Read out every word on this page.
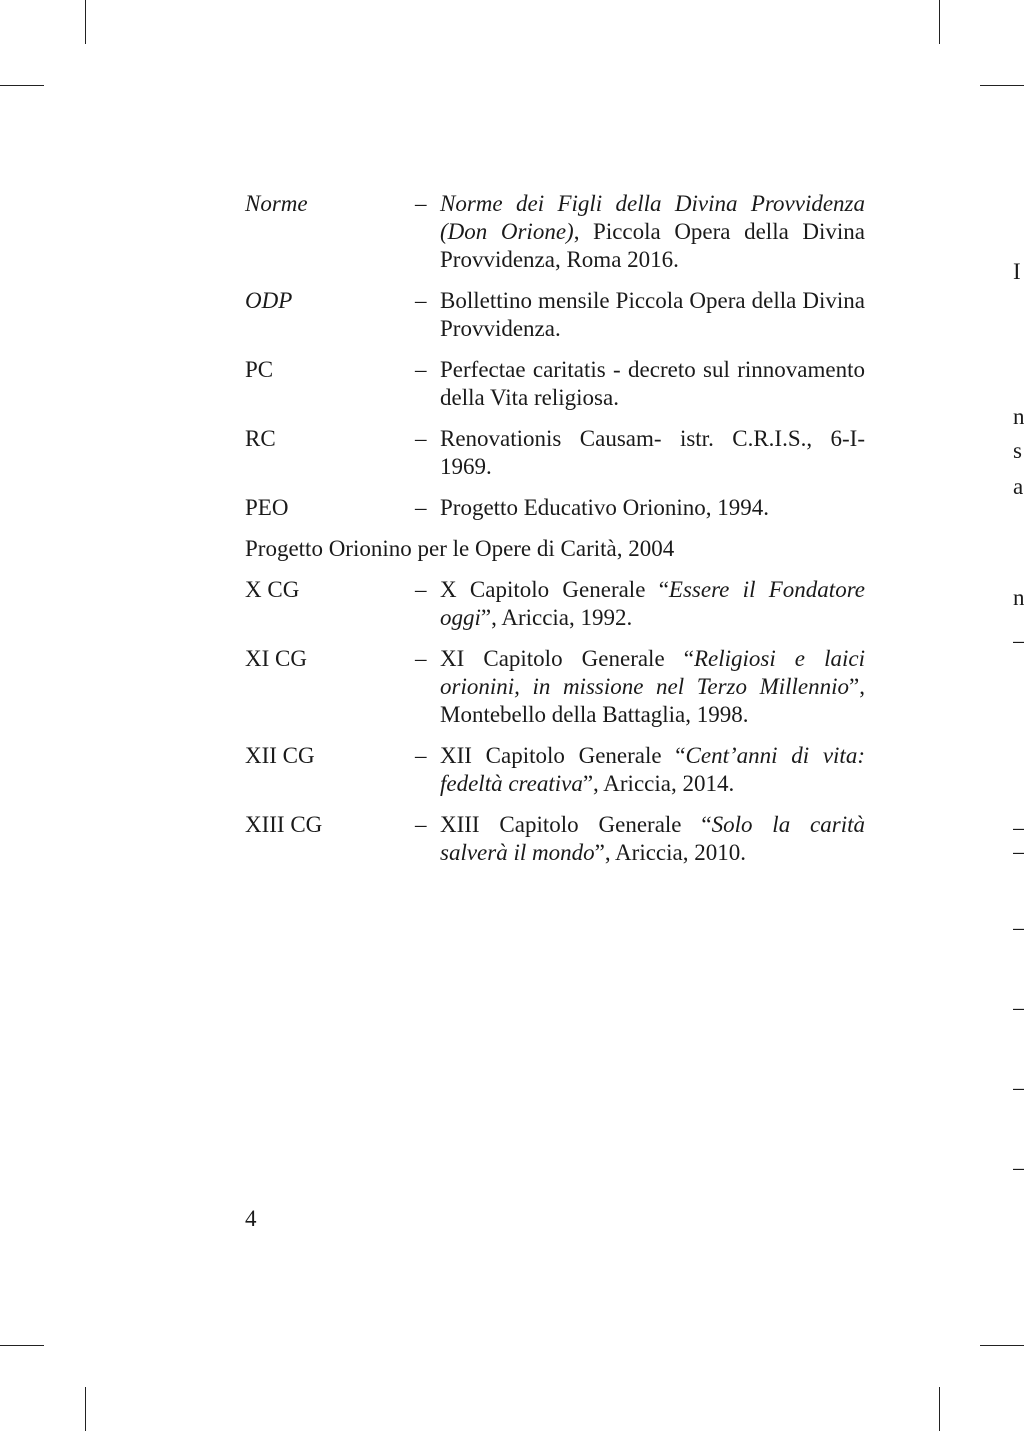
Norme	– Norme dei Figli della Divina Provvidenza (Don Orione), Piccola Opera della Divina Provvidenza, Roma 2016.
ODP	– Bollettino mensile Piccola Opera della Divina Provvidenza.
PC	– Perfectae caritatis - decreto sul rinnovamento della Vita religiosa.
RC	– Renovationis Causam- istr. C.R.I.S., 6-I-1969.
PEO	– Progetto Educativo Orionino, 1994.
Progetto Orionino per le Opere di Carità, 2004
X CG	– X Capitolo Generale “Essere il Fondatore oggi”, Ariccia, 1992.
XI CG	– XI Capitolo Generale “Religiosi e laici orionini, in missione nel Terzo Millennio”, Montebello della Battaglia, 1998.
XII CG	– XII Capitolo Generale “Cent’anni di vita: fedeltà creativa”, Ariccia, 2014.
XIII CG	– XIII Capitolo Generale “Solo la carità salverà il mondo”, Ariccia, 2010.
4
I
n
s
a
n
–
–
–
–
–
–
–
